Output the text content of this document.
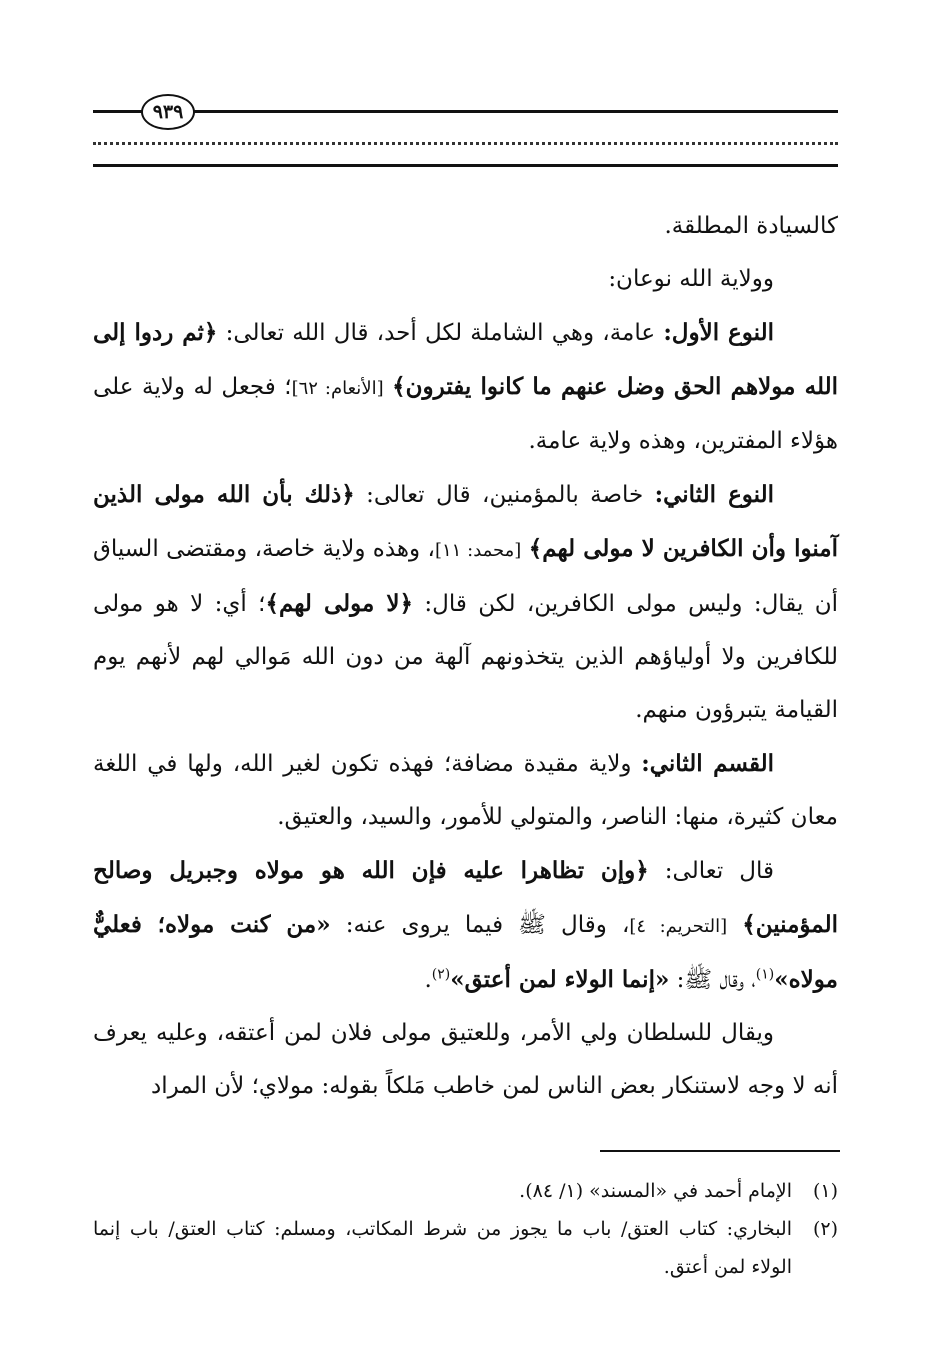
٩٣٩

كالسيادة المطلقة.

وولاية الله نوعان:

النوع الأول: عامة، وهي الشاملة لكل أحد، قال الله تعالى: ﴿ثم ردوا إلى الله مولاهم الحق وضل عنهم ما كانوا يفترون﴾ [الأنعام: ٦٢]؛ فجعل له ولاية على هؤلاء المفترين، وهذه ولاية عامة.

النوع الثاني: خاصة بالمؤمنين، قال تعالى: ﴿ذلك بأن الله مولى الذين آمنوا وأن الكافرين لا مولى لهم﴾ [محمد: ١١]، وهذه ولاية خاصة، ومقتضى السياق أن يقال: وليس مولى الكافرين، لكن قال: ﴿لا مولى لهم﴾؛ أي: لا هو مولى للكافرين ولا أولياؤهم الذين يتخذونهم آلهة من دون الله مَوالي لهم لأنهم يوم القيامة يتبرؤون منهم.

القسم الثاني: ولاية مقيدة مضافة؛ فهذه تكون لغير الله، ولها في اللغة معان كثيرة، منها: الناصر، والمتولي للأمور، والسيد، والعتيق.

قال تعالى: ﴿وإن تظاهرا عليه فإن الله هو مولاه وجبريل وصالح المؤمنين﴾ [التحريم: ٤]، وقال ﷺ فيما يروى عنه: «من كنت مولاه؛ فعليٌّ مولاه»$^{(١)}$، وقال ﷺ: «إنما الولاء لمن أعتق»$^{(٢)}$.

ويقال للسلطان ولي الأمر، وللعتيق مولى فلان لمن أعتقه، وعليه يعرف أنه لا وجه لاستنكار بعض الناس لمن خاطب مَلكاً بقوله: مولاي؛ لأن المراد

(١)
الإمام أحمد في «المسند» (١/ ٨٤).
(٢)
البخاري: كتاب العتق/ باب ما يجوز من شرط المكاتب، ومسلم: كتاب العتق/ باب إنما الولاء لمن أعتق.
